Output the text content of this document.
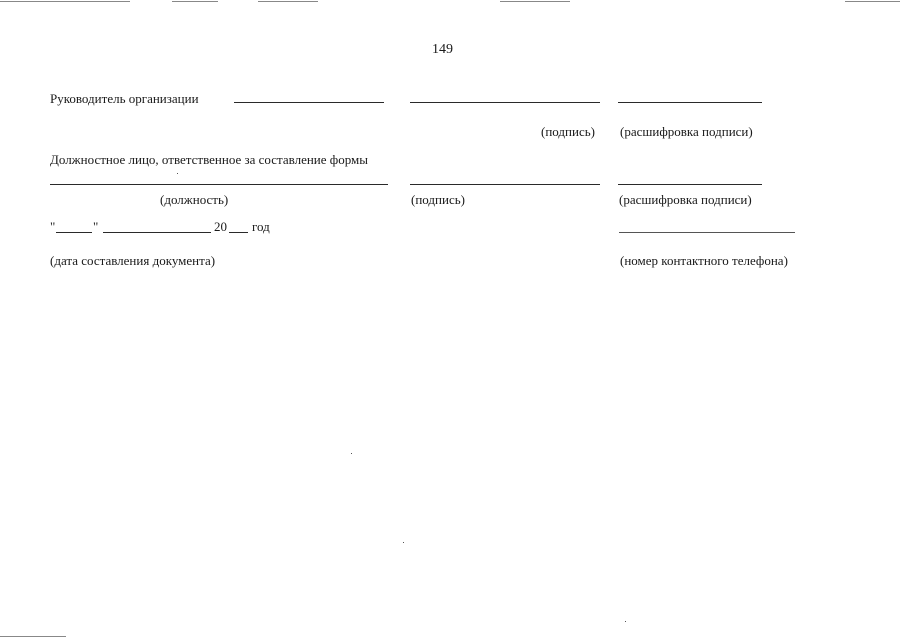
149
Руководитель организации
(подпись) (расшифровка подписи)
Должностное лицо, ответственное за составление формы
(должность)	(подпись)	(расшифровка подписи)
"	"	20 год
(дата составления документа)	(номер контактного телефона)
